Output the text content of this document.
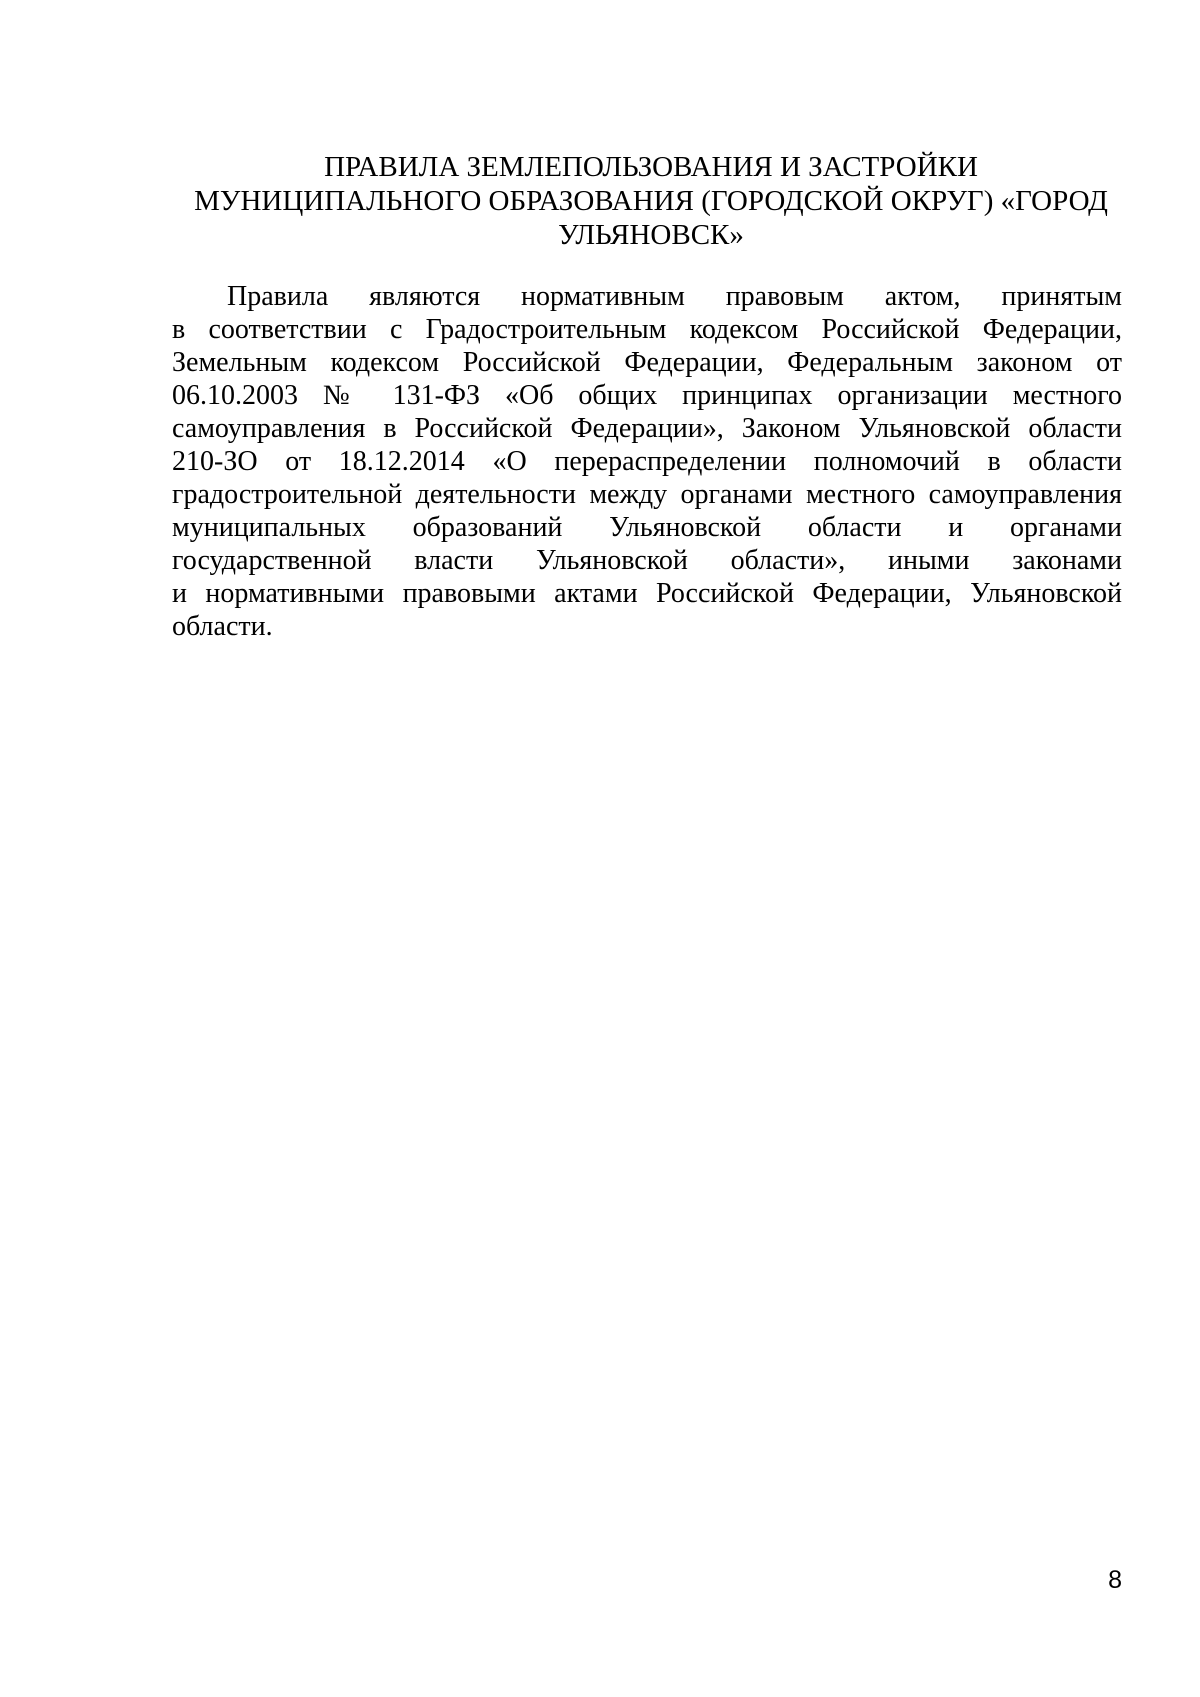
ПРАВИЛА ЗЕМЛЕПОЛЬЗОВАНИЯ И ЗАСТРОЙКИ
МУНИЦИПАЛЬНОГО ОБРАЗОВАНИЯ (ГОРОДСКОЙ ОКРУГ) «ГОРОД
УЛЬЯНОВСК»

Правила являются нормативным правовым актом, принятым
в соответствии с Градостроительным кодексом Российской Федерации,
Земельным кодексом Российской Федерации, Федеральным законом от
06.10.2003 № 131-ФЗ «Об общих принципах организации местного
самоуправления в Российской Федерации», Законом Ульяновской области
210-ЗО от 18.12.2014 «О перераспределении полномочий в области
градостроительной деятельности между органами местного самоуправления
муниципальных образований Ульяновской области и органами
государственной власти Ульяновской области», иными законами
и нормативными правовыми актами Российской Федерации, Ульяновской
области.

8
